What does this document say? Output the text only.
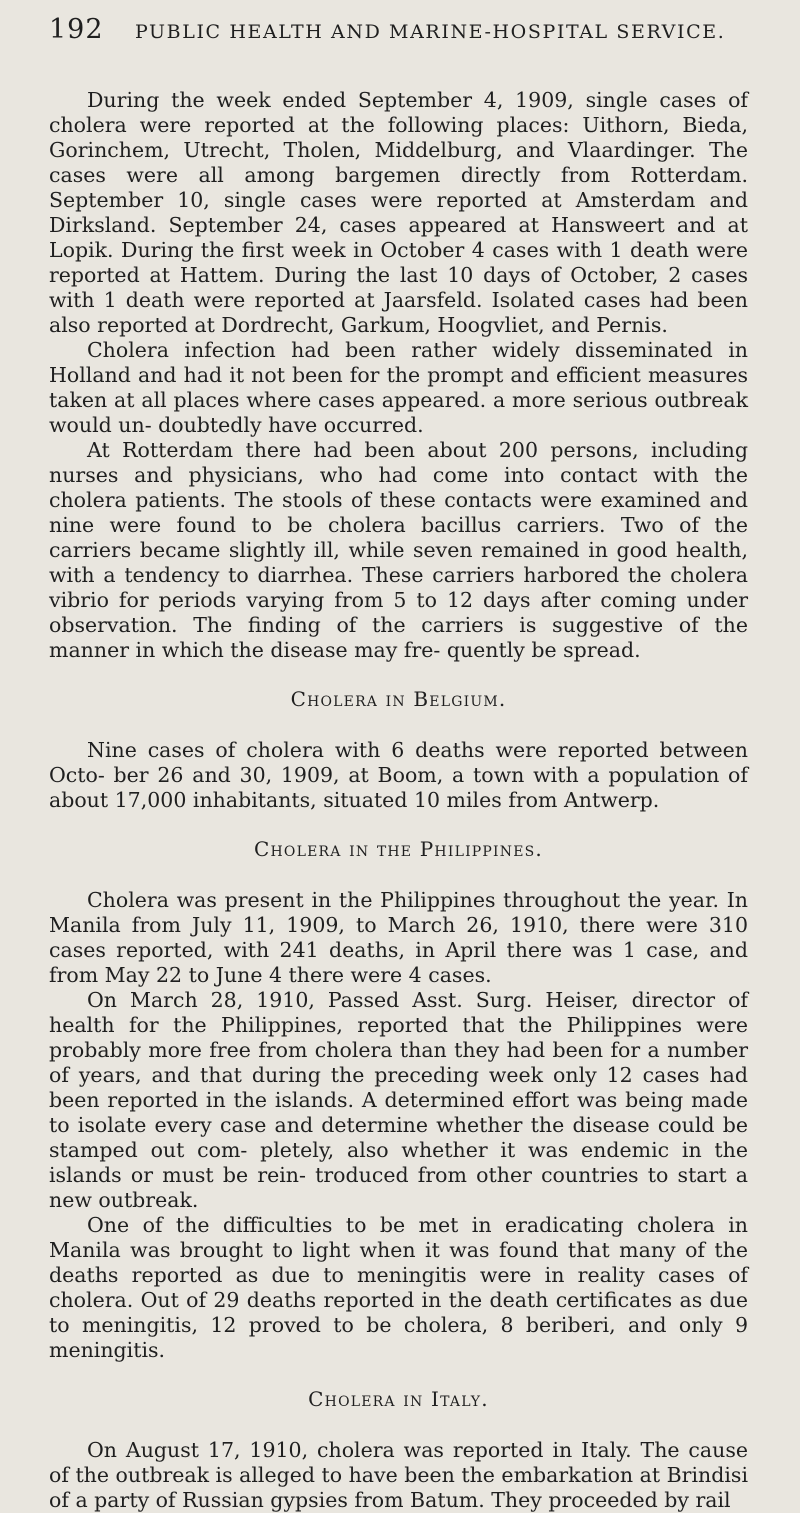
192	PUBLIC HEALTH AND MARINE-HOSPITAL SERVICE.

During the week ended September 4, 1909, single cases of cholera were reported at the following places: Uithorn, Bieda, Gorinchem, Utrecht, Tholen, Middelburg, and Vlaardinger. The cases were all among bargemen directly from Rotterdam. September 10, single cases were reported at Amsterdam and Dirksland. September 24, cases appeared at Hansweert and at Lopik. During the first week in October 4 cases with 1 death were reported at Hattem. During the last 10 days of October, 2 cases with 1 death were reported at Jaarsfeld. Isolated cases had been also reported at Dordrecht, Garkum, Hoogvliet, and Pernis.

Cholera infection had been rather widely disseminated in Holland and had it not been for the prompt and efficient measures taken at all places where cases appeared. a more serious outbreak would un- doubtedly have occurred.

At Rotterdam there had been about 200 persons, including nurses and physicians, who had come into contact with the cholera patients. The stools of these contacts were examined and nine were found to be cholera bacillus carriers. Two of the carriers became slightly ill, while seven remained in good health, with a tendency to diarrhea. These carriers harbored the cholera vibrio for periods varying from 5 to 12 days after coming under observation. The finding of the carriers is suggestive of the manner in which the disease may fre- quently be spread.

Cholera in Belgium.

Nine cases of cholera with 6 deaths were reported between Octo- ber 26 and 30, 1909, at Boom, a town with a population of about 17,000 inhabitants, situated 10 miles from Antwerp.

Cholera in the Philippines.

Cholera was present in the Philippines throughout the year. In Manila from July 11, 1909, to March 26, 1910, there were 310 cases reported, with 241 deaths, in April there was 1 case, and from May 22 to June 4 there were 4 cases.

On March 28, 1910, Passed Asst. Surg. Heiser, director of health for the Philippines, reported that the Philippines were probably more free from cholera than they had been for a number of years, and that during the preceding week only 12 cases had been reported in the islands. A determined effort was being made to isolate every case and determine whether the disease could be stamped out com- pletely, also whether it was endemic in the islands or must be rein- troduced from other countries to start a new outbreak.

One of the difficulties to be met in eradicating cholera in Manila was brought to light when it was found that many of the deaths reported as due to meningitis were in reality cases of cholera. Out of 29 deaths reported in the death certificates as due to meningitis, 12 proved to be cholera, 8 beriberi, and only 9 meningitis.

Cholera in Italy.

On August 17, 1910, cholera was reported in Italy. The cause of the outbreak is alleged to have been the embarkation at Brindisi of a party of Russian gypsies from Batum. They proceeded by rail
